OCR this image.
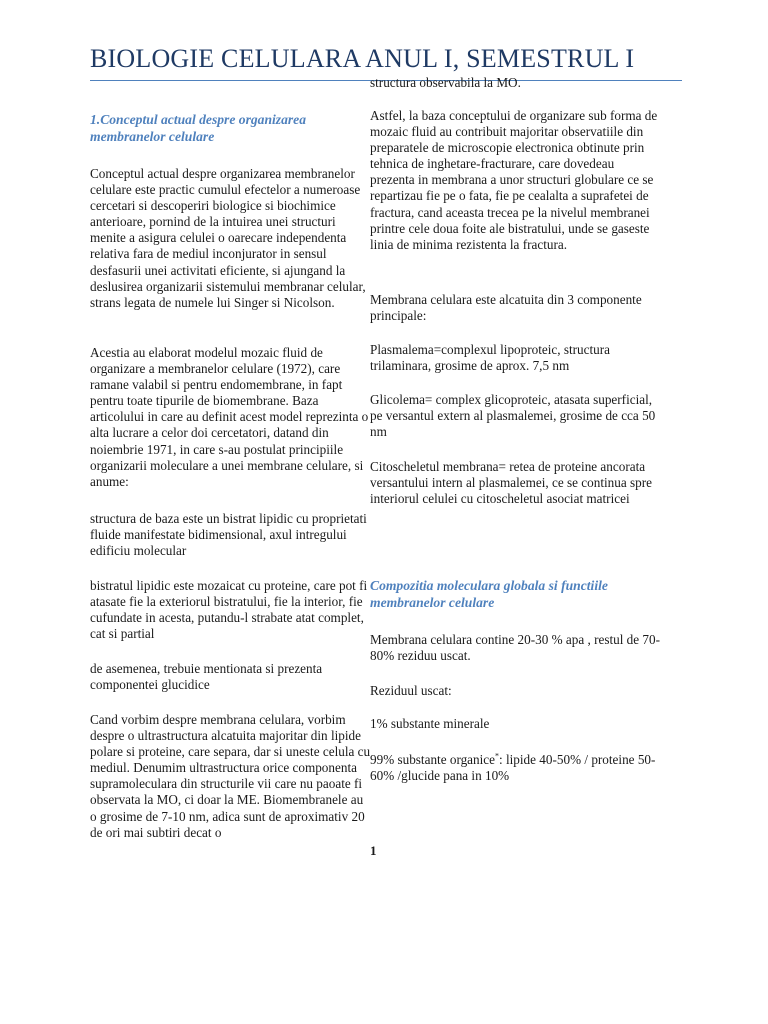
BIOLOGIE CELULARA ANUL I, SEMESTRUL I

1.Conceptul actual despre organizarea membranelor celulare

Conceptul actual despre organizarea membranelor celulare este practic cumulul efectelor a numeroase cercetari si descoperiri biologice si biochimice anterioare, pornind de la intuirea unei structuri menite a asigura celulei o oarecare independenta relativa fara de mediul inconjurator in sensul desfasurii unei activitati eficiente, si ajungand la deslusirea organizarii sistemului membranar celular, strans legata de numele lui Singer si Nicolson.

Acestia au elaborat modelul mozaic fluid de organizare a membranelor celulare (1972), care ramane valabil si pentru endomembrane, in fapt pentru toate tipurile de biomembrane. Baza articolului in care au definit acest model reprezinta o alta lucrare a celor doi cercetatori, datand din noiembrie 1971, in care s-au postulat principiile organizarii moleculare a unei membrane celulare, si anume:

structura de baza este un bistrat lipidic cu proprietati fluide manifestate bidimensional, axul intregului edificiu molecular

bistratul lipidic este mozaicat cu proteine, care pot fi atasate fie la exteriorul bistratului, fie la interior, fie cufundate in acesta, putandu-l strabate atat complet, cat si partial

de asemenea, trebuie mentionata si prezenta componentei glucidice

Cand vorbim despre membrana celulara, vorbim despre o ultrastructura alcatuita majoritar din lipide polare si proteine, care separa, dar si uneste celula cu mediul. Denumim ultrastructura orice componenta supramoleculara din structurile vii care nu paoate fi observata la MO, ci doar la ME. Biomembranele au o grosime de 7-10 nm, adica sunt de aproximativ 20 de ori mai subtiri decat o

structura observabila la MO.

Astfel, la baza conceptului de organizare sub forma de mozaic fluid au contribuit majoritar observatiile din preparatele de microscopie electronica obtinute prin tehnica de inghetare-fracturare, care dovedeau prezenta in membrana a unor structuri globulare ce se repartizau fie pe o fata, fie pe cealalta a suprafetei de fractura, cand aceasta trecea pe la nivelul membranei printre cele doua foite ale bistratului, unde se gaseste linia de minima rezistenta la fractura.

Membrana celulara este alcatuita din 3 componente principale:

Plasmalema=complexul lipoproteic, structura trilaminara, grosime de aprox. 7,5 nm

Glicolema= complex glicoproteic, atasata superficial, pe versantul extern al plasmalemei, grosime de cca 50 nm

Citoscheletul membrana= retea de proteine ancorata versantului intern al plasmalemei, ce se continua spre interiorul celulei cu citoscheletul asociat matricei

Compozitia moleculara globala si functiile membranelor celulare

Membrana celulara contine 20-30 % apa , restul de 70-80% reziduu uscat.

Reziduul uscat:

1% substante minerale

99% substante organice*: lipide 40-50% / proteine 50-60% /glucide pana in 10%

1
